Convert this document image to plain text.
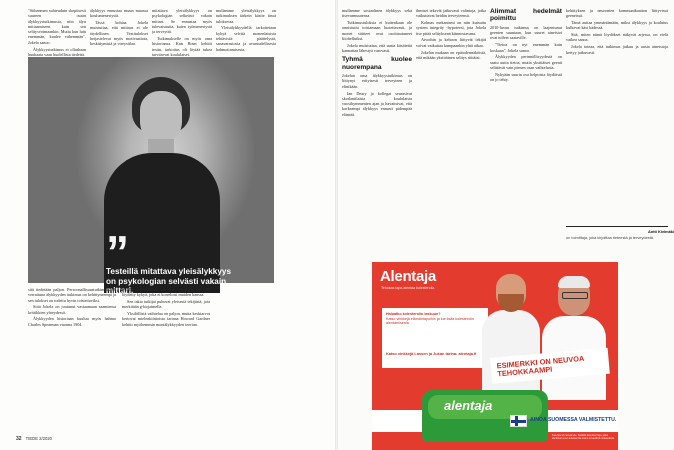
"Siihenmen suhteuduin skeptisesti suureen osaan älykkyystutkimusta, niin älyn mittaamiseen kuin sen selitysvoimaankin. Mutta kun luin enemmän, kuulee vähemmän", Jokela sanoo.

Älykkyystutkimus ei olluthaan huuhaata vaan huolellista tiedettä.

älykkyys ennustaa muun muassa koulumenestystä.

Tässä kohtaa Jokela muistuttaa, että mittaus ei ole täydellinen. Testitulokset heijastelevat myös motivaatiota, keskittymistä ja vireystilaa.

mitattava yleisälykkyys on psykologian selkeästi vakain mittari. Se ennustaa myös tulevaisuutta, kuten työmenestystä ja terveyttä.

Tutkimukselle on myös oma historiansa. Kun Binet kehitti testin, tarkoitus oli löytää tukea tarvitsevat koululaiset.

mullamme yleisälykkyys on tutkimuksen tärkein käsite tässä tuloksessa.

Yleisälykkyydellä tarkoitetaan kykyä selvitä monenlaisista tehtävistä: päättelystä, sanavarastosta ja avaruudellisesta hahmottamisesta.

”
Testeillä mitattava yleisälykkyys on psykologian selvästi vakain mittari.

sitä tiedetään paljon. Persoonallisuustutkimukseen verrattuna älykkyyden tutkimus on kehittyneempi ja sen tulokset on todettu hyvin toistettaviksi.

Siitä Jokela on joutunut vastaamaan saamiensa kritiikkien yhteydessä.

Älykkyyden historiaan kuuluu myös hahmo Charles Spearman vuonna 1904.

mikään yksittäinen osa-alue. Koskaan ei ole löydetty kykyä, joka ei korreloisi muiden kanssa.

Sen takia tutkijat puhuvat yleisestä tekijästä, jota merkitään g-kirjaimella.

Yksilöllistä vaihtelua on paljon, mutta keskiarvot kertovat mielenkiintoista tarinaa Howard Gardner kehitti myöhemmin moniälykkyyden teorian.

32 TIEDE 2/2020

mullamme sosiaalinen älykkyys sekä itsevarmuutensa.

Tutkimustuloksia ei kuitenkaan ole onnistuttu toistamaan luotettavasti, ja monet väitteet ovat osoittautuneet liioitelluiksi.

Jokela muistuttaa, että uusia käsitteitä kannattaa lähestyä varovasti.

Tyhmä kuolee nuorempana

Jokelan oma älykkyystutkimus on liittynyt erityisesti terveyteen ja elinikään.

Ian Deary ja kollegat seurasivat skotlantilaisia koululaisia vuosikymmenten ajan ja havaitsivat, että korkeampi älykkyys ennusti pidempää elämää.

ihmiset tekevät jatkuvasti valintoja, jotka vaikuttavat heidän terveyteensä.

Kolmas mekanismi on niin kutsuttu system integrity -hypoteesi, jota Jokela itse pitää selityksenä kiinnostavana.

Aivoihin ja kehoon liittyvät tekijät voivat vaikuttaa kumpaankin yhtä aikaa.

Jokelan mukaan on epätodennäköistä, että mikään yksittäinen selitys riittäisi.

Alimmat hedelmät poimittu

2010-luvun tutkimus on laajentunut geenien suuntaan, kun suuret aineistot ovat tulleet saataville.

"Tietoa on nyt enemmän kuin koskaan", Jokela sanoo.

Älykkyyden perinnöllisyydestä on saatu uutta tietoa, mutta yksittäiset geenit selittävät vain pienen osan vaihtelusta.

Nykyään suurin osa helpoista löydöistä on jo tehty.

kehittyksen ja neuronien kommunikaation liittyvissä geeneissä.

Tämä auttaa ymmärtämään, miksi älykkyys ja koulutus kulkevat käsi kädessä.

Sitä, miten nämä löydökset näkyvät arjessa, on vielä vaikea sanoa.

Jokela toteaa, että tutkimus jatkuu ja uusia aineistoja kertyy jatkuvasti.

Antti Kivimäki
on toimittaja, joka kirjoittaa tieteestä ja terveydestä.
Alentaja
Tehokas tapa alentaa kolesterolia
Haluatko kolesterolin laskuun?
Katso vinkkejä elämäntapoihin ja lue lisää kolesterolin alentamisesta.
Katso vinkkejä Lassen ja Jukan tarina: alentaja.fi
ESIMERKKI ON NEUVOA TEHOKKAAMPI
alentaja
AINOA SUOMESSA VALMISTETTU.
Kasvisteroli-rasvalevite. Sisältää kasvisteroleja, jotka alentavat veren kolesterolia osana terveellistä ruokavaliota.
